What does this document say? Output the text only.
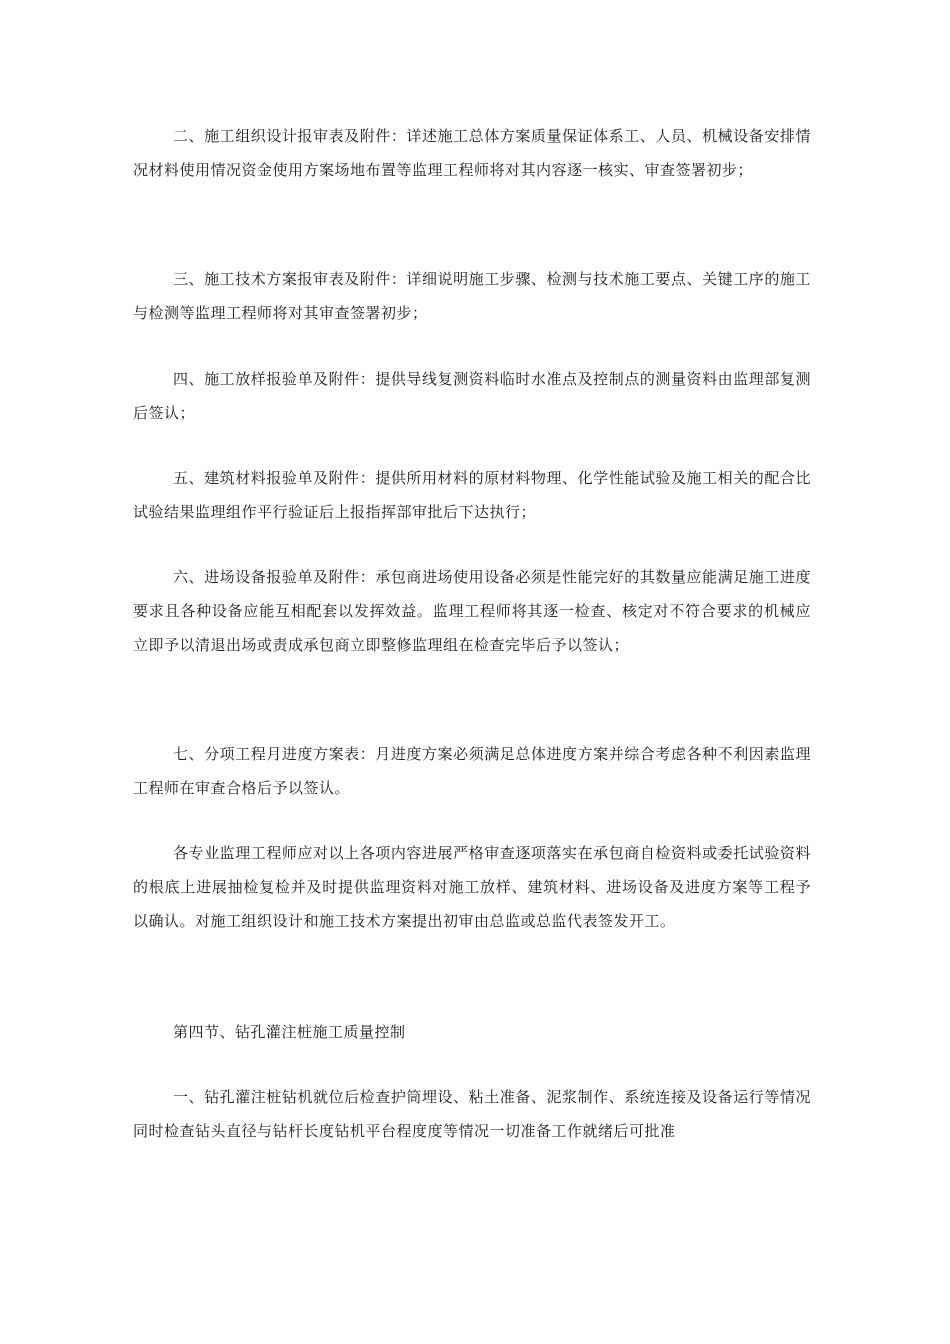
二、施工组织设计报审表及附件：详述施工总体方案质量保证体系工、人员、机械设备安排情况材料使用情况资金使用方案场地布置等监理工程师将对其内容逐一核实、审查签署初步；

三、施工技术方案报审表及附件：详细说明施工步骤、检测与技术施工要点、关键工序的施工与检测等监理工程师将对其审查签署初步；

四、施工放样报验单及附件：提供导线复测资料临时水准点及控制点的测量资料由监理部复测后签认；

五、建筑材料报验单及附件：提供所用材料的原材料物理、化学性能试验及施工相关的配合比试验结果监理组作平行验证后上报指挥部审批后下达执行；

六、进场设备报验单及附件：承包商进场使用设备必须是性能完好的其数量应能满足施工进度要求且各种设备应能互相配套以发挥效益。监理工程师将其逐一检查、核定对不符合要求的机械应立即予以清退出场或责成承包商立即整修监理组在检查完毕后予以签认；

七、分项工程月进度方案表：月进度方案必须满足总体进度方案并综合考虑各种不利因素监理工程师在审查合格后予以签认。

各专业监理工程师应对以上各项内容进展严格审查逐项落实在承包商自检资料或委托试验资料的根底上进展抽检复检并及时提供监理资料对施工放样、建筑材料、进场设备及进度方案等工程予以确认。对施工组织设计和施工技术方案提出初审由总监或总监代表签发开工。

第四节、钻孔灌注桩施工质量控制

一、钻孔灌注桩钻机就位后检查护筒埋设、粘土准备、泥浆制作、系统连接及设备运行等情况同时检查钻头直径与钻杆长度钻机平台程度度等情况一切准备工作就绪后可批准
